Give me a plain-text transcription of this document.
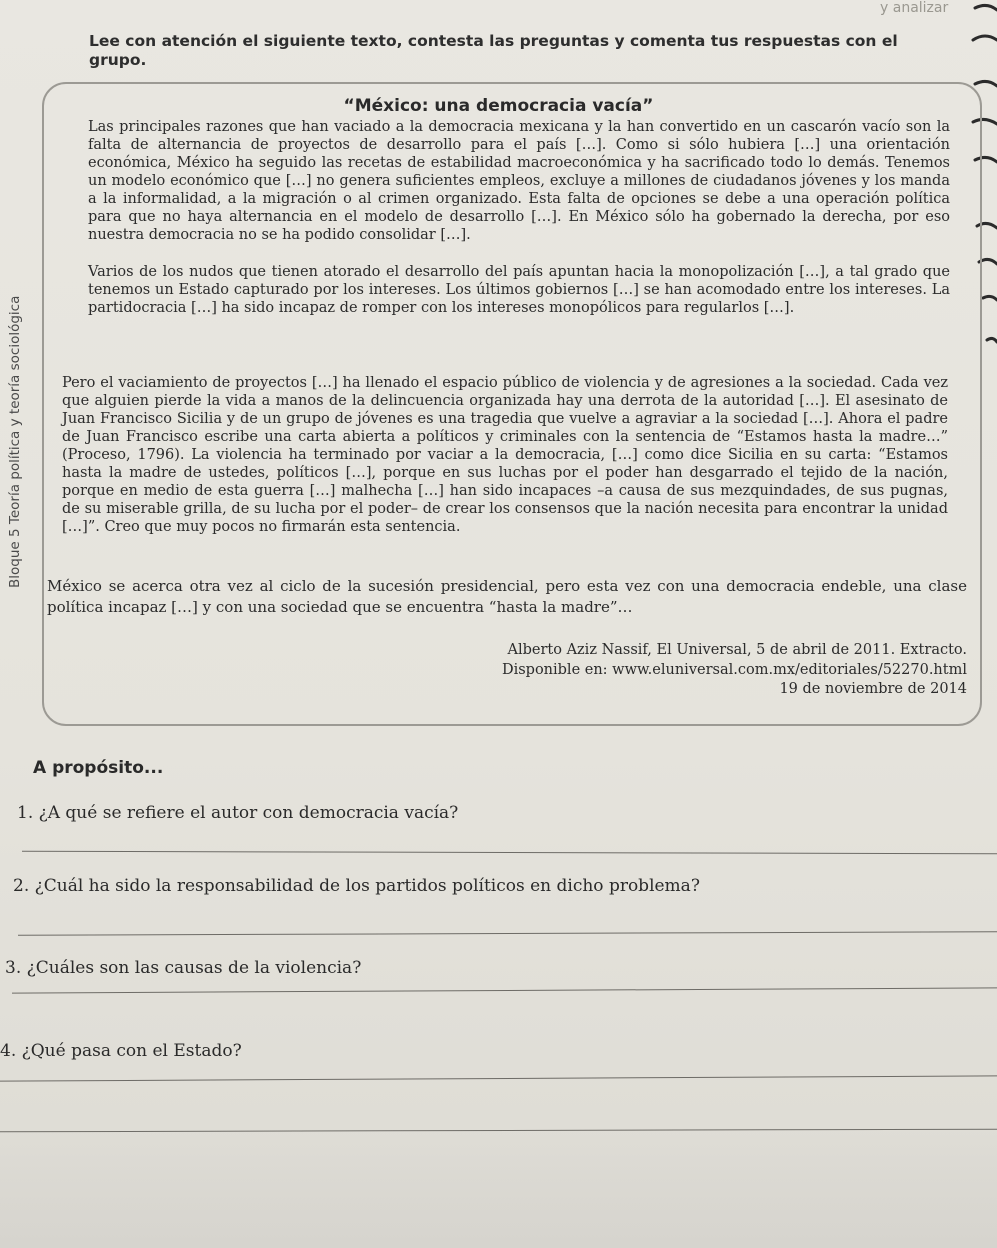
y analizar
Lee con atención el siguiente texto, contesta las preguntas y comenta tus respuestas con el grupo.
“México: una democracia vacía”
Las principales razones que han vaciado a la democracia mexicana y la han convertido en un cascarón vacío son la falta de alternancia de proyectos de desarrollo para el país […]. Como si sólo hubiera […] una orientación económica, México ha seguido las recetas de estabilidad macroeconómica y ha sacrificado todo lo demás. Tenemos un modelo económico que […] no genera suficientes empleos, excluye a millones de ciudadanos jóvenes y los manda a la informalidad, a la migración o al crimen organizado. Esta falta de opciones se debe a una operación política para que no haya alternancia en el modelo de desarrollo […]. En México sólo ha gobernado la derecha, por eso nuestra democracia no se ha podido consolidar […].
Varios de los nudos que tienen atorado el desarrollo del país apuntan hacia la monopolización […], a tal grado que tenemos un Estado capturado por los intereses. Los últimos gobiernos […] se han acomodado entre los intereses. La partidocracia […] ha sido incapaz de romper con los intereses monopólicos para regularlos […].
Pero el vaciamiento de proyectos […] ha llenado el espacio público de violencia y de agresiones a la sociedad. Cada vez que alguien pierde la vida a manos de la delincuencia organizada hay una derrota de la autoridad […]. El asesinato de Juan Francisco Sicilia y de un grupo de jóvenes es una tragedia que vuelve a agraviar a la sociedad […]. Ahora el padre de Juan Francisco escribe una carta abierta a políticos y criminales con la sentencia de “Estamos hasta la madre…” (Proceso, 1796). La violencia ha terminado por vaciar a la democracia, […] como dice Sicilia en su carta: “Estamos hasta la madre de ustedes, políticos […], porque en sus luchas por el poder han desgarrado el tejido de la nación, porque en medio de esta guerra […] malhecha […] han sido incapaces –a causa de sus mezquindades, de sus pugnas, de su miserable grilla, de su lucha por el poder– de crear los consensos que la nación necesita para encontrar la unidad […]”. Creo que muy pocos no firmarán esta sentencia.
México se acerca otra vez al ciclo de la sucesión presidencial, pero esta vez con una democracia endeble, una clase política incapaz […] y con una sociedad que se encuentra “hasta la madre”…
Alberto Aziz Nassif, El Universal, 5 de abril de 2011. Extracto.
Disponible en: www.eluniversal.com.mx/editoriales/52270.html
19 de noviembre de 2014
Bloque 5 Teoría política y teoría sociológica
A propósito...
1. ¿A qué se refiere el autor con democracia vacía?
2. ¿Cuál ha sido la responsabilidad de los partidos políticos en dicho problema?
3. ¿Cuáles son las causas de la violencia?
4. ¿Qué pasa con el Estado?
